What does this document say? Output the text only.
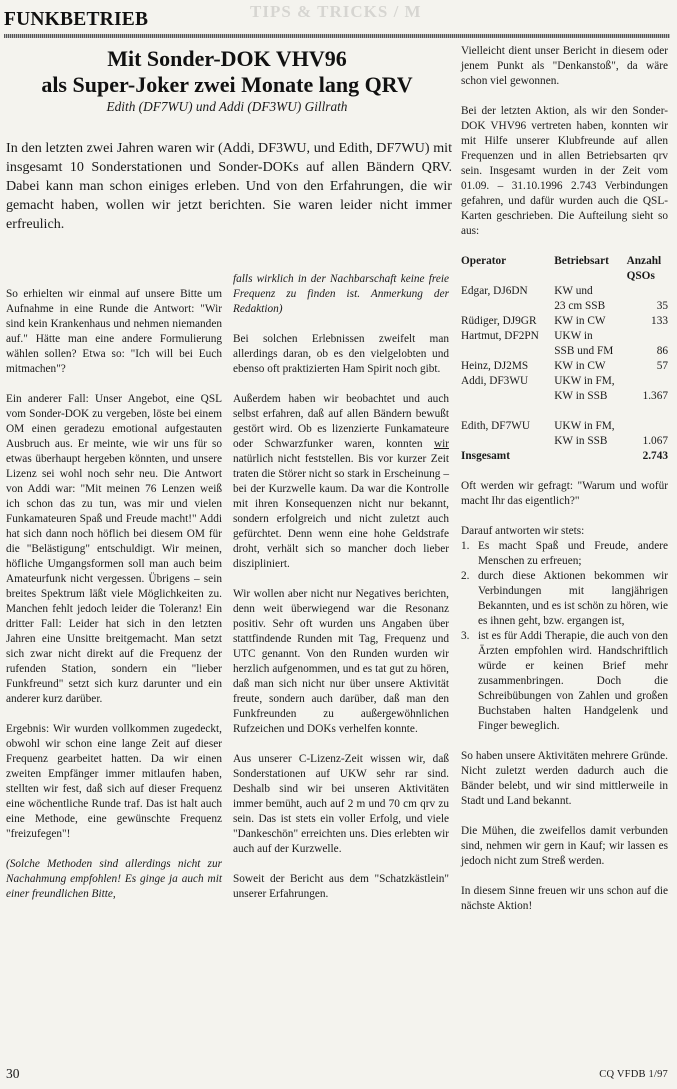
TIPS & TRICKS / M
FUNKBETRIEB
Mit Sonder-DOK VHV96
als Super-Joker zwei Monate lang QRV
Edith (DF7WU) und Addi (DF3WU) Gillrath
In den letzten zwei Jahren waren wir (Addi, DF3WU, und Edith, DF7WU) mit insgesamt 10 Sonderstationen und Sonder-DOKs auf allen Bändern QRV. Dabei kann man schon einiges erleben. Und von den Erfahrungen, die wir gemacht haben, wollen wir jetzt berichten. Sie waren leider nicht immer erfreulich.

So erhielten wir einmal auf unsere Bitte um Aufnahme in eine Runde die Antwort: "Wir sind kein Krankenhaus und nehmen niemanden auf." Hätte man eine andere Formulierung wählen sollen? Etwa so: "Ich will bei Euch mitmachen"?

Ein anderer Fall: Unser Angebot, eine QSL vom Sonder-DOK zu vergeben, löste bei einem OM einen geradezu emotional aufgestauten Ausbruch aus. Er meinte, wie wir uns für so etwas überhaupt hergeben könnten, und unsere Lizenz sei wohl noch sehr neu. Die Antwort von Addi war: "Mit meinen 76 Lenzen weiß ich schon das zu tun, was mir und vielen Funkamateuren Spaß und Freude macht!" Addi hat sich dann noch höflich bei diesem OM für die "Belästigung" entschuldigt. Wir meinen, höfliche Umgangsformen soll man auch beim Amateurfunk nicht vergessen. Übrigens – sein breites Spektrum läßt viele Möglichkeiten zu. Manchen fehlt jedoch leider die Toleranz! Ein dritter Fall: Leider hat sich in den letzten Jahren eine Unsitte breitgemacht. Man setzt sich zwar nicht direkt auf die Frequenz der rufenden Station, sondern ein "lieber Funkfreund" setzt sich kurz darunter und ein anderer kurz darüber.

Ergebnis: Wir wurden vollkommen zugedeckt, obwohl wir schon eine lange Zeit auf dieser Frequenz gearbeitet hatten. Da wir einen zweiten Empfänger immer mitlaufen haben, stellten wir fest, daß sich auf dieser Frequenz eine wöchentliche Runde traf. Das ist halt auch eine Methode, eine gewünschte Frequenz "freizufegen"!

(Solche Methoden sind allerdings nicht zur Nachahmung empfohlen! Es ginge ja auch mit einer freundlichen Bitte,

falls wirklich in der Nachbarschaft keine freie Frequenz zu finden ist. Anmerkung der Redaktion)

Bei solchen Erlebnissen zweifelt man allerdings daran, ob es den vielgelobten und ebenso oft praktizierten Ham Spirit noch gibt.

Außerdem haben wir beobachtet und auch selbst erfahren, daß auf allen Bändern bewußt gestört wird. Ob es lizenzierte Funkamateure oder Schwarzfunker waren, konnten wir natürlich nicht feststellen. Bis vor kurzer Zeit traten die Störer nicht so stark in Erscheinung – bei der Kurzwelle kaum. Da war die Kontrolle mit ihren Konsequenzen nicht nur bekannt, sondern erfolgreich und nicht zuletzt auch gefürchtet. Denn wenn eine hohe Geldstrafe droht, verhält sich so mancher doch lieber diszipliniert.

Wir wollen aber nicht nur Negatives berichten, denn weit überwiegend war die Resonanz positiv. Sehr oft wurden uns Angaben über stattfindende Runden mit Tag, Frequenz und UTC genannt. Von den Runden wurden wir herzlich aufgenommen, und es tat gut zu hören, daß man sich nicht nur über unsere Aktivität freute, sondern auch darüber, daß man den Funkfreunden zu außergewöhnlichen Rufzeichen und DOKs verhelfen konnte.

Aus unserer C-Lizenz-Zeit wissen wir, daß Sonderstationen auf UKW sehr rar sind. Deshalb sind wir bei unseren Aktivitäten immer bemüht, auch auf 2 m und 70 cm qrv zu sein. Das ist stets ein voller Erfolg, und viele "Dankeschön" erreichten uns. Dies erlebten wir auch auf der Kurzwelle.

Soweit der Bericht aus dem "Schatzkästlein" unserer Erfahrungen.

Vielleicht dient unser Bericht in diesem oder jenem Punkt als "Denkanstoß", da wäre schon viel gewonnen.

Bei der letzten Aktion, als wir den Sonder-DOK VHV96 vertreten haben, konnten wir mit Hilfe unserer Klubfreunde auf allen Frequenzen und in allen Betriebsarten qrv sein. Insgesamt wurden in der Zeit vom 01.09. – 31.10.1996 2.743 Verbindungen gefahren, und dafür wurden auch die QSL-Karten geschrieben. Die Aufteilung sieht so aus:

Operator	Betriebsart	Anzahl
QSOs
Edgar, DJ6DN	KW und	
	23 cm SSB	35
Rüdiger, DJ9GR	KW in CW	133
Hartmut, DF2PN	UKW in	
	SSB und FM	86
Heinz, DJ2MS	KW in CW	57
Addi, DF3WU	UKW in FM,	
	KW in SSB	1.367

Edith, DF7WU	UKW in FM,	
	KW in SSB	1.067
Insgesamt		2.743

Oft werden wir gefragt: "Warum und wofür macht Ihr das eigentlich?"

Darauf antworten wir stets:

1. Es macht Spaß und Freude, andere Menschen zu erfreuen;
2. durch diese Aktionen bekommen wir Verbindungen mit langjährigen Bekannten, und es ist schön zu hören, wie es ihnen geht, bzw. ergangen ist,
3. ist es für Addi Therapie, die auch von den Ärzten empfohlen wird. Handschriftlich würde er keinen Brief mehr zusammenbringen. Doch die Schreibübungen von Zahlen und großen Buchstaben halten Handgelenk und Finger beweglich.

So haben unsere Aktivitäten mehrere Gründe. Nicht zuletzt werden dadurch auch die Bänder belebt, und wir sind mittlerweile in Stadt und Land bekannt.

Die Mühen, die zweifellos damit verbunden sind, nehmen wir gern in Kauf; wir lassen es jedoch nicht zum Streß werden.

In diesem Sinne freuen wir uns schon auf die nächste Aktion!

30	CQ VFDB 1/97
